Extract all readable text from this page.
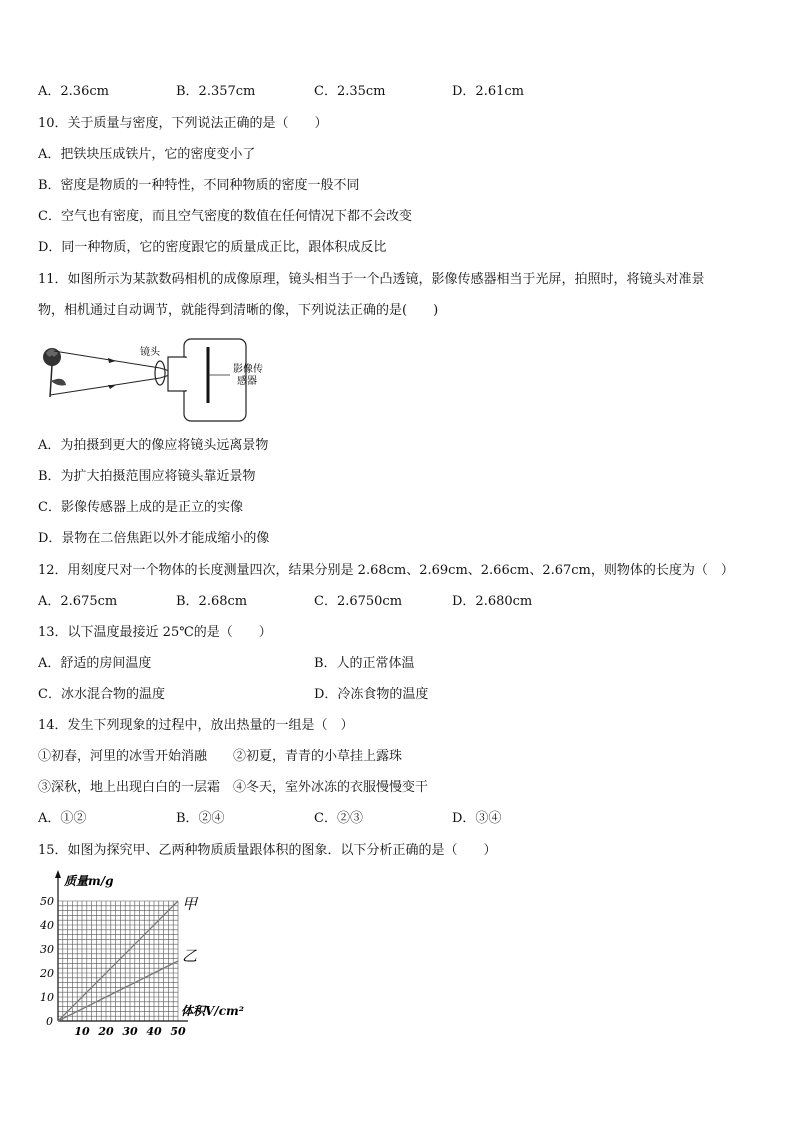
A．2.36cm	B．2.357cm	C．2.35cm	D．2.61cm
10．关于质量与密度，下列说法正确的是（　　）
A．把铁块压成铁片，它的密度变小了
B．密度是物质的一种特性，不同种物质的密度一般不同
C．空气也有密度，而且空气密度的数值在任何情况下都不会改变
D．同一种物质，它的密度跟它的质量成正比，跟体积成反比
11．如图所示为某款数码相机的成像原理，镜头相当于一个凸透镜，影像传感器相当于光屏，拍照时，将镜头对准景
物，相机通过自动调节，就能得到清晰的像，下列说法正确的是(　　)
镜头
影像传
感器
A．为拍摄到更大的像应将镜头远离景物
B．为扩大拍摄范围应将镜头靠近景物
C．影像传感器上成的是正立的实像
D．景物在二倍焦距以外才能成缩小的像
12．用刻度尺对一个物体的长度测量四次，结果分别是 2.68cm、2.69cm、2.66cm、2.67cm，则物体的长度为（　）
A．2.675cm	B．2.68cm	C．2.6750cm	D．2.680cm
13．以下温度最接近 25℃的是（　　）
A．舒适的房间温度	B．人的正常体温
C．冰水混合物的温度	D．冷冻食物的温度
14．发生下列现象的过程中，放出热量的一组是（　）
①初春，河里的冰雪开始消融　　②初夏，青青的小草挂上露珠
③深秋，地上出现白白的一层霜　④冬天，室外冰冻的衣服慢慢变干
A．①②	B．②④	C．②③	D．③④
15．如图为探究甲、乙两种物质质量跟体积的图象．以下分析正确的是（　　）
甲
乙
10
20
30
40
50
10 20 30 40 50
0
质量m/g
体积V/cm²
